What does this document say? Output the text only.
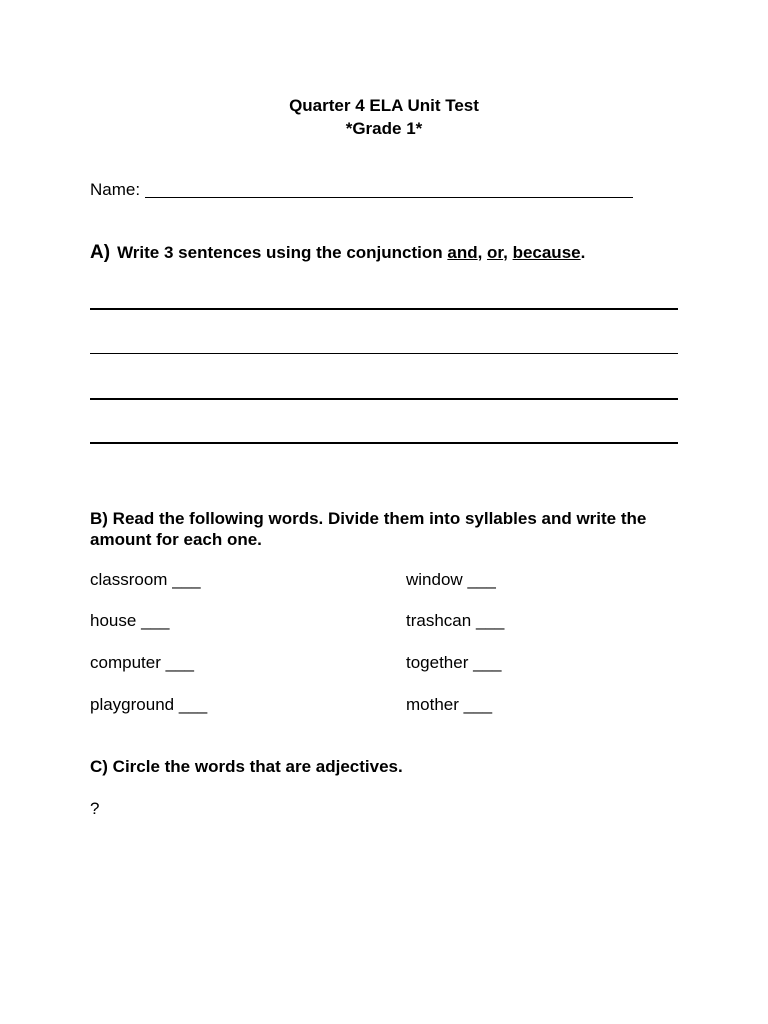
Quarter 4 ELA Unit Test
*Grade 1*
Name:
A) Write 3 sentences using the conjunction and, or, because.
B) Read the following words. Divide them into syllables and write the amount for each one.
classroom ___
house ___
computer ___
playground ___
window ___
trashcan ___
together ___
mother ___
C) Circle the words that are adjectives.
?
